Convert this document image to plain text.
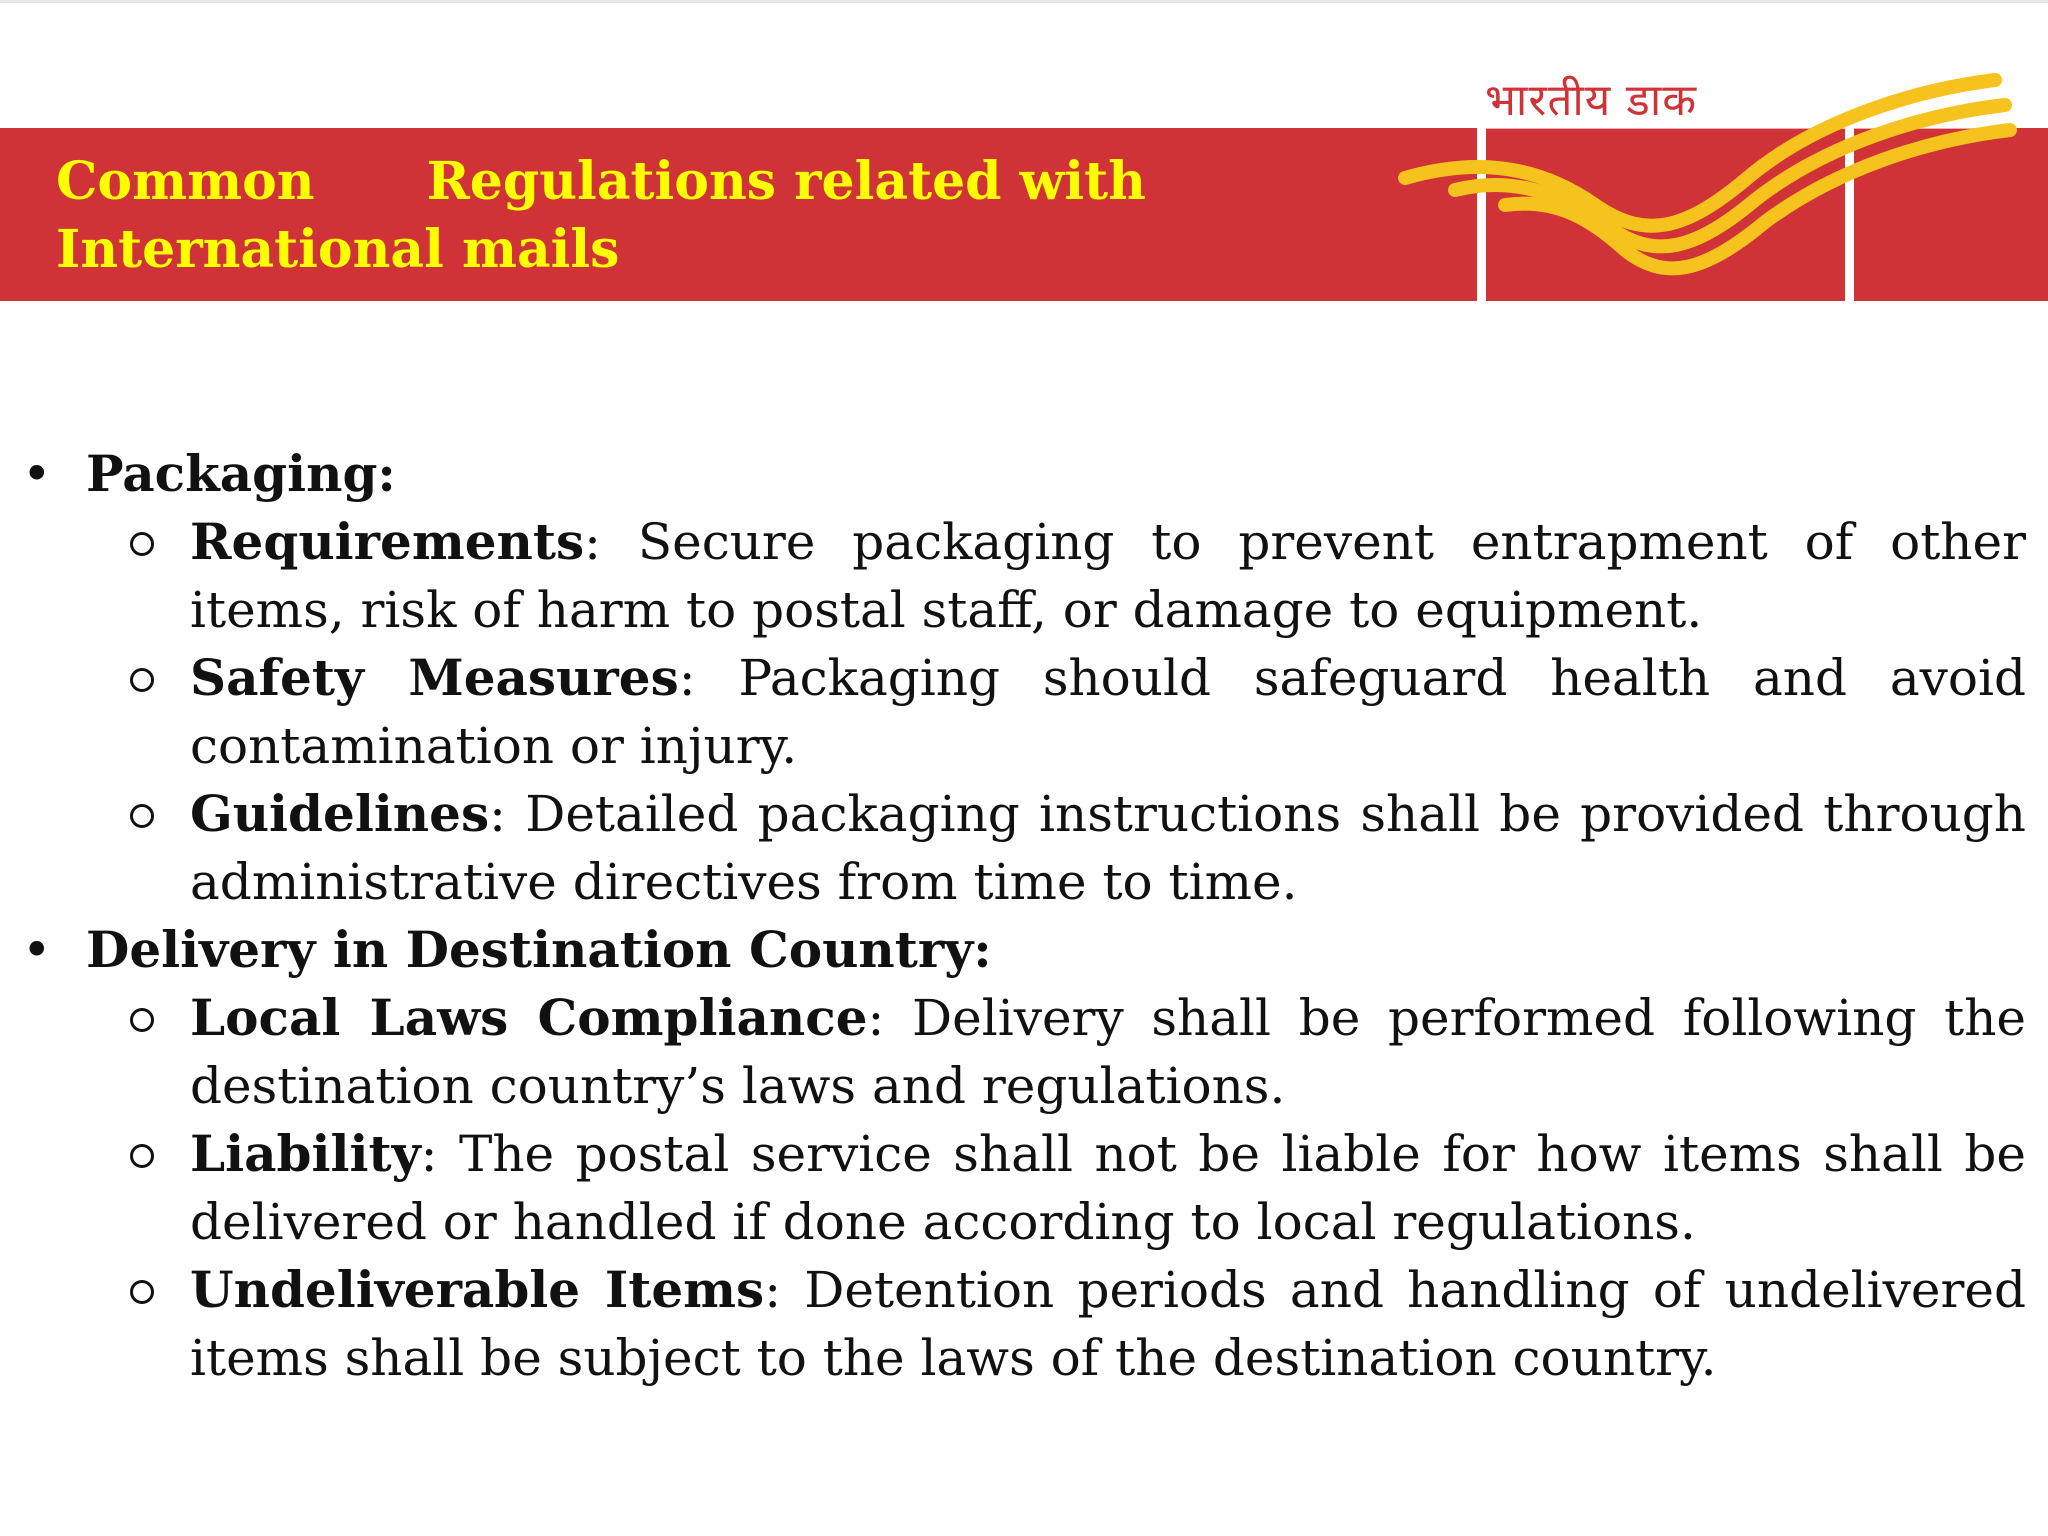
Common Regulations related with
International mails
भारतीय डाक
• Packaging:
Requirements: Secure packaging to prevent entrapment of other items, risk of harm to postal staff, or damage to equipment.
Safety Measures: Packaging should safeguard health and avoid contamination or injury.
Guidelines: Detailed packaging instructions shall be provided through administrative directives from time to time.
• Delivery in Destination Country:
Local Laws Compliance: Delivery shall be performed following the destination country’s laws and regulations.
Liability: The postal service shall not be liable for how items shall be delivered or handled if done according to local regulations.
Undeliverable Items: Detention periods and handling of undelivered items shall be subject to the laws of the destination country.
